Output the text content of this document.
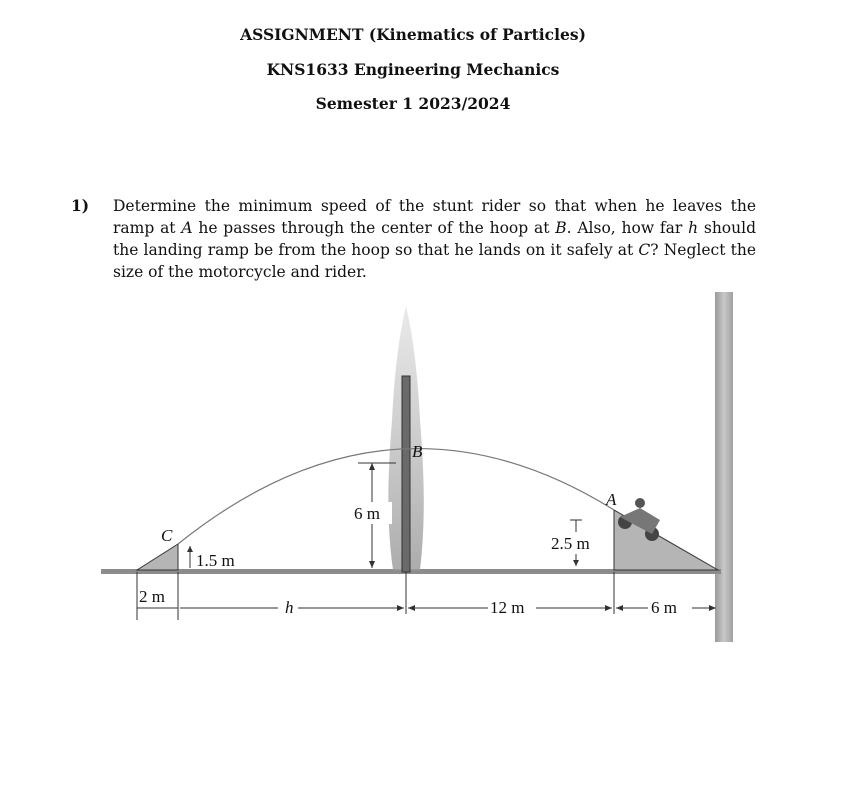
ASSIGNMENT (Kinematics of Particles)
KNS1633 Engineering Mechanics
Semester 1 2023/2024
1) Determine the minimum speed of the stunt rider so that when he leaves the ramp at A he passes through the center of the hoop at B. Also, how far h should the landing ramp be from the hoop so that he lands on it safely at C? Neglect the size of the motorcycle and rider.
6 m
1.5 m
2.5 m
2 m
h	12 m	6 m
C
B
A
